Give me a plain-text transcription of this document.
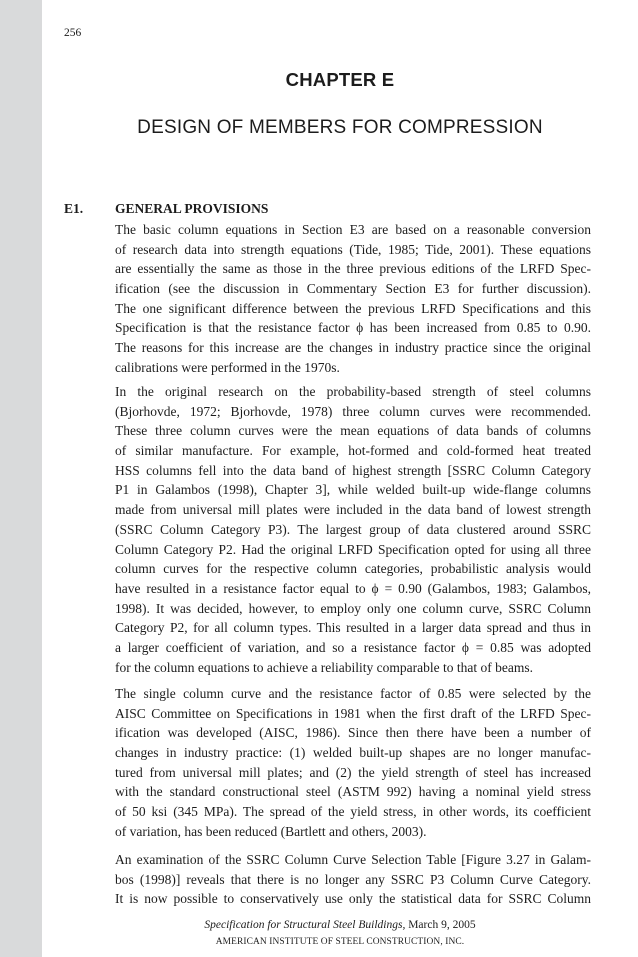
256
CHAPTER E
DESIGN OF MEMBERS FOR COMPRESSION
E1. GENERAL PROVISIONS
The basic column equations in Section E3 are based on a reasonable conversion
of research data into strength equations (Tide, 1985; Tide, 2001). These equations
are essentially the same as those in the three previous editions of the LRFD Spec-
ification (see the discussion in Commentary Section E3 for further discussion).
The one significant difference between the previous LRFD Specifications and this
Specification is that the resistance factor ϕ has been increased from 0.85 to 0.90.
The reasons for this increase are the changes in industry practice since the original
calibrations were performed in the 1970s.
In the original research on the probability-based strength of steel columns
(Bjorhovde, 1972; Bjorhovde, 1978) three column curves were recommended.
These three column curves were the mean equations of data bands of columns
of similar manufacture. For example, hot-formed and cold-formed heat treated
HSS columns fell into the data band of highest strength [SSRC Column Category
P1 in Galambos (1998), Chapter 3], while welded built-up wide-flange columns
made from universal mill plates were included in the data band of lowest strength
(SSRC Column Category P3). The largest group of data clustered around SSRC
Column Category P2. Had the original LRFD Specification opted for using all three
column curves for the respective column categories, probabilistic analysis would
have resulted in a resistance factor equal to ϕ = 0.90 (Galambos, 1983; Galambos,
1998). It was decided, however, to employ only one column curve, SSRC Column
Category P2, for all column types. This resulted in a larger data spread and thus in
a larger coefficient of variation, and so a resistance factor ϕ = 0.85 was adopted
for the column equations to achieve a reliability comparable to that of beams.
The single column curve and the resistance factor of 0.85 were selected by the
AISC Committee on Specifications in 1981 when the first draft of the LRFD Spec-
ification was developed (AISC, 1986). Since then there have been a number of
changes in industry practice: (1) welded built-up shapes are no longer manufac-
tured from universal mill plates; and (2) the yield strength of steel has increased
with the standard constructional steel (ASTM 992) having a nominal yield stress
of 50 ksi (345 MPa). The spread of the yield stress, in other words, its coefficient
of variation, has been reduced (Bartlett and others, 2003).
An examination of the SSRC Column Curve Selection Table [Figure 3.27 in Galam-
bos (1998)] reveals that there is no longer any SSRC P3 Column Curve Category.
It is now possible to conservatively use only the statistical data for SSRC Column
Specification for Structural Steel Buildings, March 9, 2005
AMERICAN INSTITUTE OF STEEL CONSTRUCTION, INC.
